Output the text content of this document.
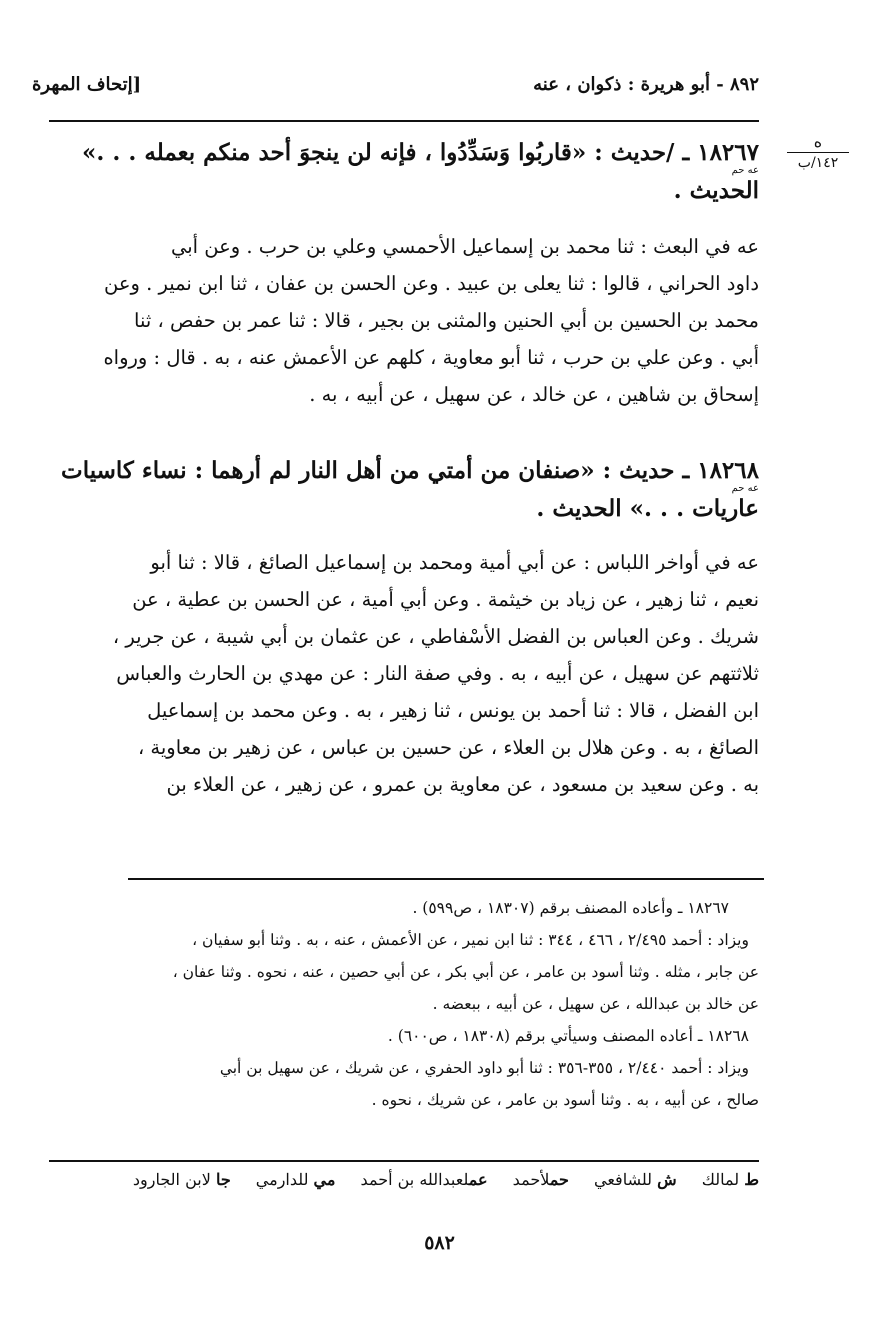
٨٩٢ - أبو هريرة : ذكوان ، عنه
[إتحاف المهرة
ه
١٤٢/ب
١٨٢٦٧ ـ /حديث : «قاربُوا وَسَدِّدُوا ، فإنه لن ينجوَ أحد منكم بعمله . . .»
عه حم
الحديث .
عه في البعث : ثنا محمد بن إسماعيل الأحمسي وعلي بن حرب . وعن أبي
داود الحراني ، قالوا : ثنا يعلى بن عبيد . وعن الحسن بن عفان ، ثنا ابن نمير . وعن
محمد بن الحسين بن أبي الحنين والمثنى بن بجير ، قالا : ثنا عمر بن حفص ، ثنا
أبي . وعن علي بن حرب ، ثنا أبو معاوية ، كلهم عن الأعمش عنه ، به . قال : ورواه
إسحاق بن شاهين ، عن خالد ، عن سهيل ، عن أبيه ، به .
١٨٢٦٨ ـ حديث : «صنفان من أمتي من أهل النار لم أرهما : نساء كاسيات
عه حم
عاريات . . .» الحديث .
عه في أواخر اللباس : عن أبي أمية ومحمد بن إسماعيل الصائغ ، قالا : ثنا أبو
نعيم ، ثنا زهير ، عن زياد بن خيثمة . وعن أبي أمية ، عن الحسن بن عطية ، عن
شريك . وعن العباس بن الفضل الأسْفاطي ، عن عثمان بن أبي شيبة ، عن جرير ،
ثلاثتهم عن سهيل ، عن أبيه ، به . وفي صفة النار : عن مهدي بن الحارث والعباس
ابن الفضل ، قالا : ثنا أحمد بن يونس ، ثنا زهير ، به . وعن محمد بن إسماعيل
الصائغ ، به . وعن هلال بن العلاء ، عن حسين بن عباس ، عن زهير بن معاوية ،
به . وعن سعيد بن مسعود ، عن معاوية بن عمرو ، عن زهير ، عن العلاء بن

١٨٢٦٧ ـ وأعاده المصنف برقم (١٨٣٠٧ ، ص٥٩٩) .

ويزاد : أحمد ٢/٤٩٥ ، ٤٦٦ ، ٣٤٤ : ثنا ابن نمير ، عن الأعمش ، عنه ، به . وثنا أبو سفيان ،

عن جابر ، مثله . وثنا أسود بن عامر ، عن أبي بكر ، عن أبي حصين ، عنه ، نحوه . وثنا عفان ،

عن خالد بن عبدالله ، عن سهيل ، عن أبيه ، ببعضه .

١٨٢٦٨ ـ أعاده المصنف وسيأتي برقم (١٨٣٠٨ ، ص٦٠٠) .

ويزاد : أحمد ٢/٤٤٠ ، ٣٥٥-٣٥٦ : ثنا أبو داود الحفري ، عن شريك ، عن سهيل بن أبي

صالح ، عن أبيه ، به . وثنا أسود بن عامر ، عن شريك ، نحوه .

ط لمالك ش للشافعي حملأحمد عملعبدالله بن أحمد مي للدارمي جا لابن الجارود
٥٨٢
